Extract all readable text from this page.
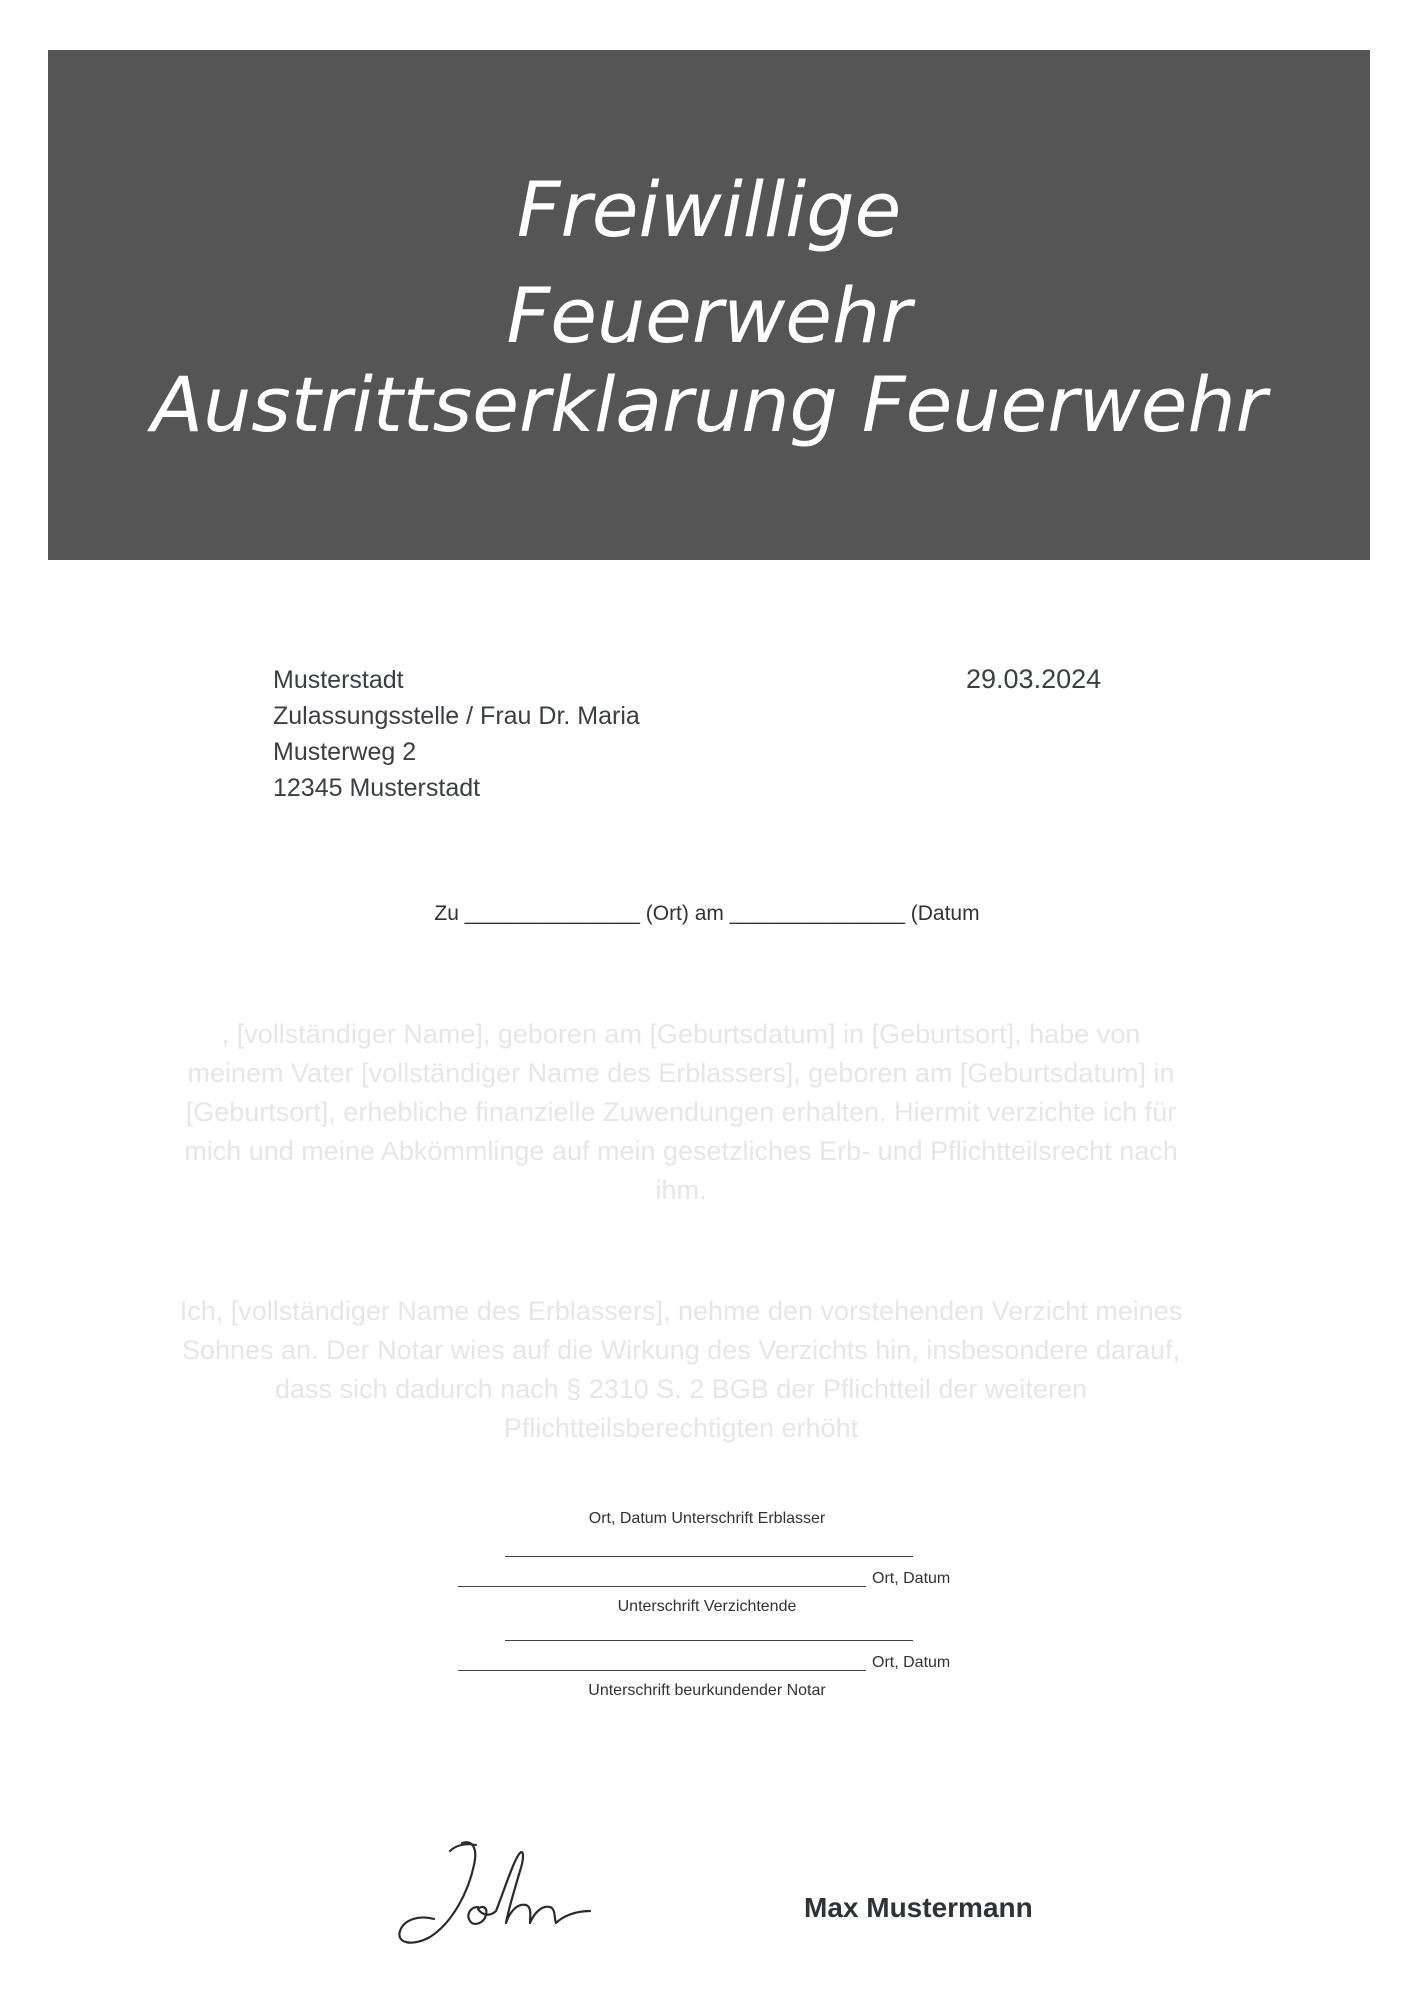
Freiwillige
Feuerwehr
Austrittserklarung Feuerwehr
Musterstadt
Zulassungsstelle / Frau Dr. Maria
Musterweg 2
12345 Musterstadt
29.03.2024
Zu _______________ (Ort) am _______________ (Datum
, [vollständiger Name], geboren am [Geburtsdatum] in [Geburtsort], habe von meinem Vater [vollständiger Name des Erblassers], geboren am [Geburtsdatum] in [Geburtsort], erhebliche finanzielle Zuwendungen erhalten. Hiermit verzichte ich für mich und meine Abkömmlinge auf mein gesetzliches Erb- und Pflichtteilsrecht nach ihm.
Ich, [vollständiger Name des Erblassers], nehme den vorstehenden Verzicht meines Sohnes an. Der Notar wies auf die Wirkung des Verzichts hin, insbesondere darauf, dass sich dadurch nach § 2310 S. 2 BGB der Pflichtteil der weiteren Pflichtteilsberechtigten erhöht
Ort, Datum Unterschrift Erblasser
Ort, Datum
Unterschrift Verzichtende
Ort, Datum
Unterschrift beurkundender Notar
Max Mustermann
